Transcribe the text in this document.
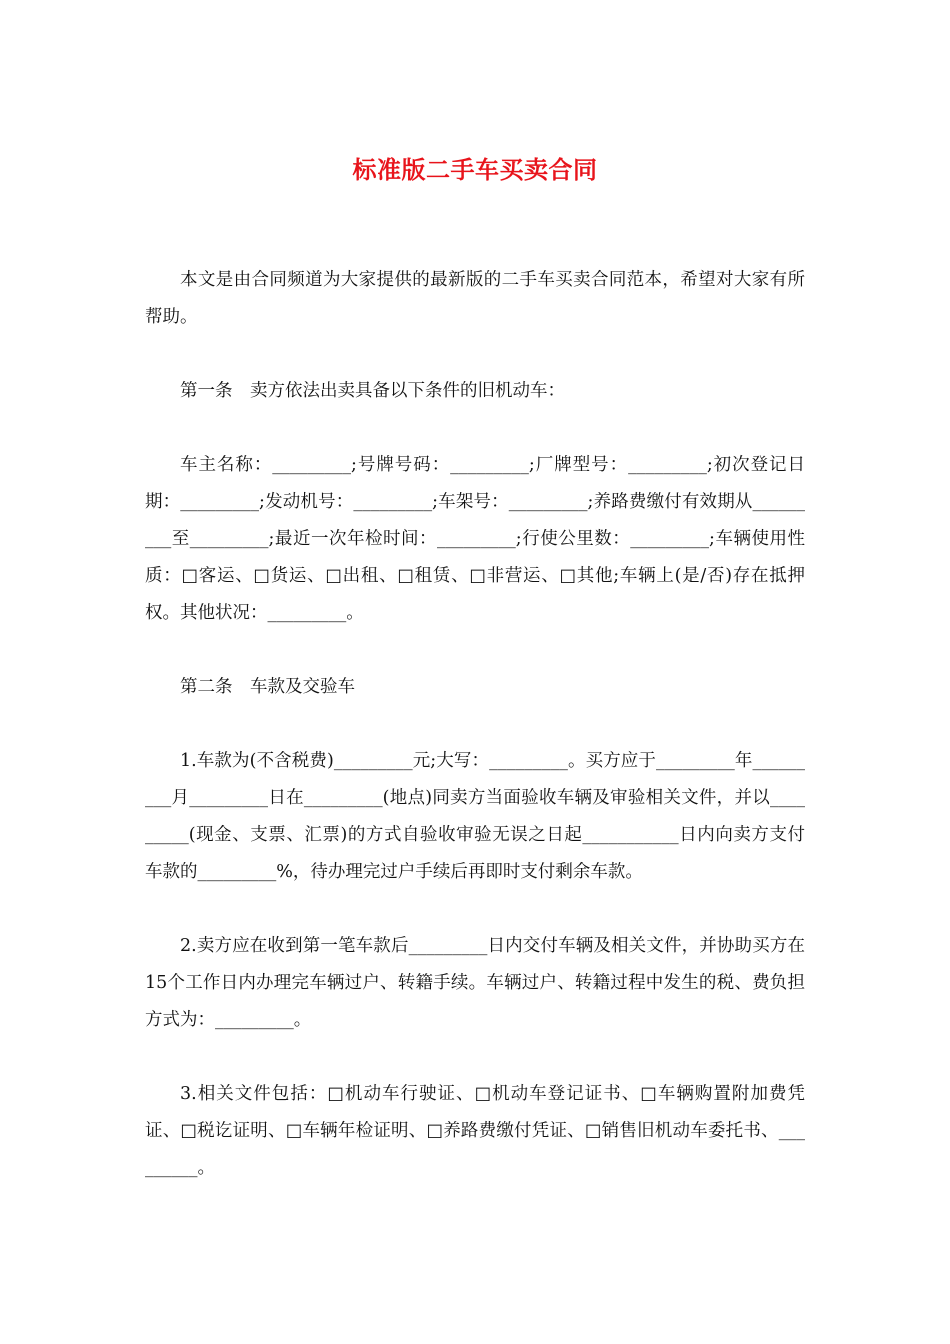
标准版二手车买卖合同

本文是由合同频道为大家提供的最新版的二手车买卖合同范本，希望对大家有所帮助。

第一条　卖方依法出卖具备以下条件的旧机动车：

车主名称：_________;号牌号码：_________;厂牌型号：_________;初次登记日期：_________;发动机号：_________;车架号：_________;养路费缴付有效期从_________至_________;最近一次年检时间：_________;行使公里数：_________;车辆使用性质：□客运、□货运、□出租、□租赁、□非营运、□其他;车辆上(是/否)存在抵押权。其他状况：_________。

第二条　车款及交验车

1.车款为(不含税费)_________元;大写：_________。买方应于_________年_________月_________日在_________(地点)同卖方当面验收车辆及审验相关文件，并以_________(现金、支票、汇票)的方式自验收审验无误之日起___________日内向卖方支付车款的_________%，待办理完过户手续后再即时支付剩余车款。

2.卖方应在收到第一笔车款后_________日内交付车辆及相关文件，并协助买方在15个工作日内办理完车辆过户、转籍手续。车辆过户、转籍过程中发生的税、费负担方式为：_________。

3.相关文件包括：□机动车行驶证、□机动车登记证书、□车辆购置附加费凭证、□税讫证明、□车辆年检证明、□养路费缴付凭证、□销售旧机动车委托书、_________。
